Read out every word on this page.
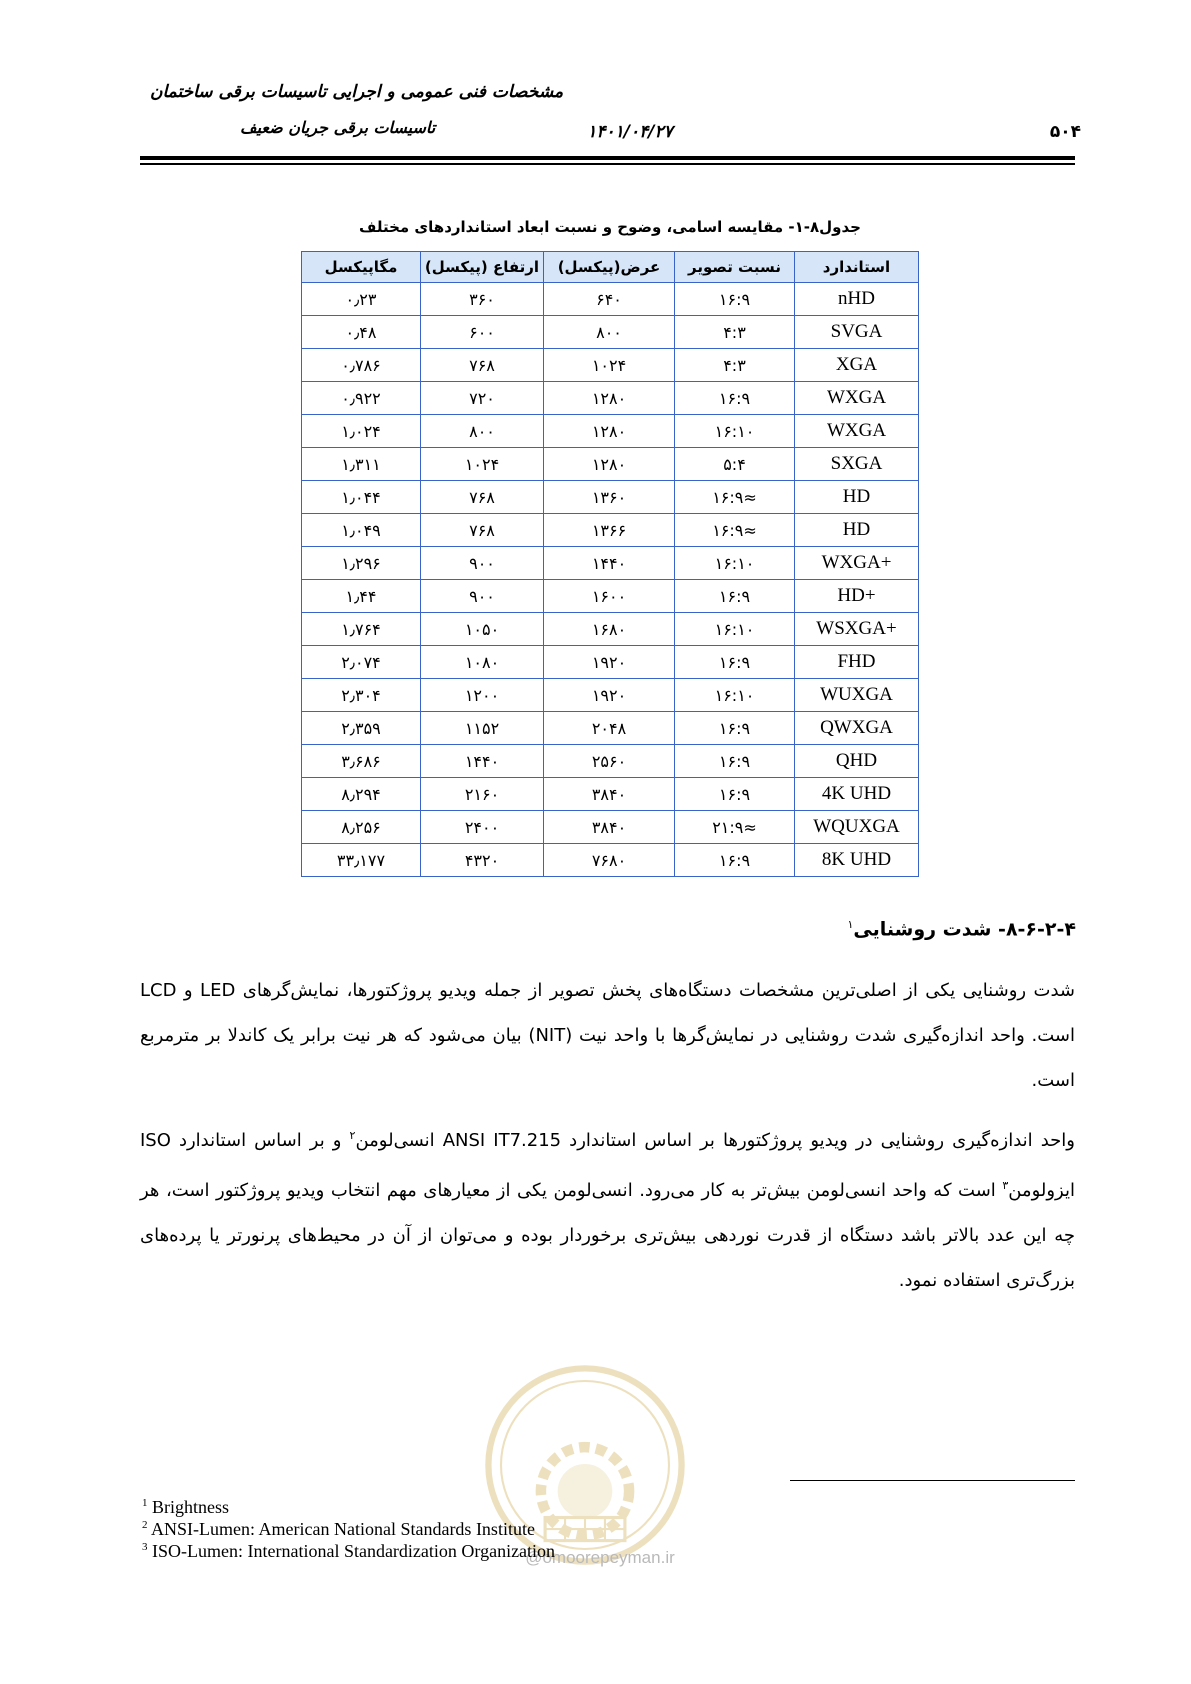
مشخصات فنی عمومی و اجرایی تاسیسات برقی ساختمان
تاسیسات برقی جریان ضعیف	۱۴۰۱/۰۴/۲۷	۵۰۴
جدول۸-۱- مقایسه اسامی، وضوح و نسبت ابعاد استانداردهای مختلف
استاندارد	نسبت تصویر	عرض(پیکسل)	ارتفاع (پیکسل)	مگاپیکسل
nHD	۱۶:۹	۶۴۰	۳۶۰	۰٫۲۳
SVGA	۴:۳	۸۰۰	۶۰۰	۰٫۴۸
XGA	۴:۳	۱۰۲۴	۷۶۸	۰٫۷۸۶
WXGA	۱۶:۹	۱۲۸۰	۷۲۰	۰٫۹۲۲
WXGA	۱۶:۱۰	۱۲۸۰	۸۰۰	۱٫۰۲۴
SXGA	۵:۴	۱۲۸۰	۱۰۲۴	۱٫۳۱۱
HD	≈۱۶:۹	۱۳۶۰	۷۶۸	۱٫۰۴۴
HD	≈۱۶:۹	۱۳۶۶	۷۶۸	۱٫۰۴۹
WXGA+	۱۶:۱۰	۱۴۴۰	۹۰۰	۱٫۲۹۶
HD+	۱۶:۹	۱۶۰۰	۹۰۰	۱٫۴۴
WSXGA+	۱۶:۱۰	۱۶۸۰	۱۰۵۰	۱٫۷۶۴
FHD	۱۶:۹	۱۹۲۰	۱۰۸۰	۲٫۰۷۴
WUXGA	۱۶:۱۰	۱۹۲۰	۱۲۰۰	۲٫۳۰۴
QWXGA	۱۶:۹	۲۰۴۸	۱۱۵۲	۲٫۳۵۹
QHD	۱۶:۹	۲۵۶۰	۱۴۴۰	۳٫۶۸۶
4K UHD	۱۶:۹	۳۸۴۰	۲۱۶۰	۸٫۲۹۴
WQUXGA	≈۲۱:۹	۳۸۴۰	۲۴۰۰	۸٫۲۵۶
8K UHD	۱۶:۹	۷۶۸۰	۴۳۲۰	۳۳٫۱۷۷
۸-۶-۲-۴- شدت روشنایی$^۱$
شدت روشنایی یکی از اصلی‌ترین مشخصات دستگاه‌های پخش تصویر از جمله ویدیو پروژکتورها، نمایش‌گرهای LED و LCD است. واحد اندازه‌گیری شدت روشنایی در نمایش‌گرها با واحد نیت (NIT) بیان می‌شود که هر نیت برابر یک کاندلا بر مترمربع است.
واحد اندازه‌گیری روشنایی در ویدیو پروژکتورها بر اساس استاندارد ANSI IT7.215 انسی‌لومن$^۲$ و بر اساس استاندارد ISO ایزولومن$^۳$ است که واحد انسی‌لومن بیش‌تر به کار می‌رود. انسی‌لومن یکی از معیارهای مهم انتخاب ویدیو پروژکتور است، هر چه این عدد بالاتر باشد دستگاه از قدرت نوردهی بیش‌تری برخوردار بوده و می‌توان از آن در محیط‌های پرنورتر یا پرده‌های بزرگ‌تری استفاده نمود.
@omoorepeyman.ir
$^1$ Brightness
$^2$ ANSI-Lumen: American National Standards Institute
$^3$ ISO-Lumen: International Standardization Organization
